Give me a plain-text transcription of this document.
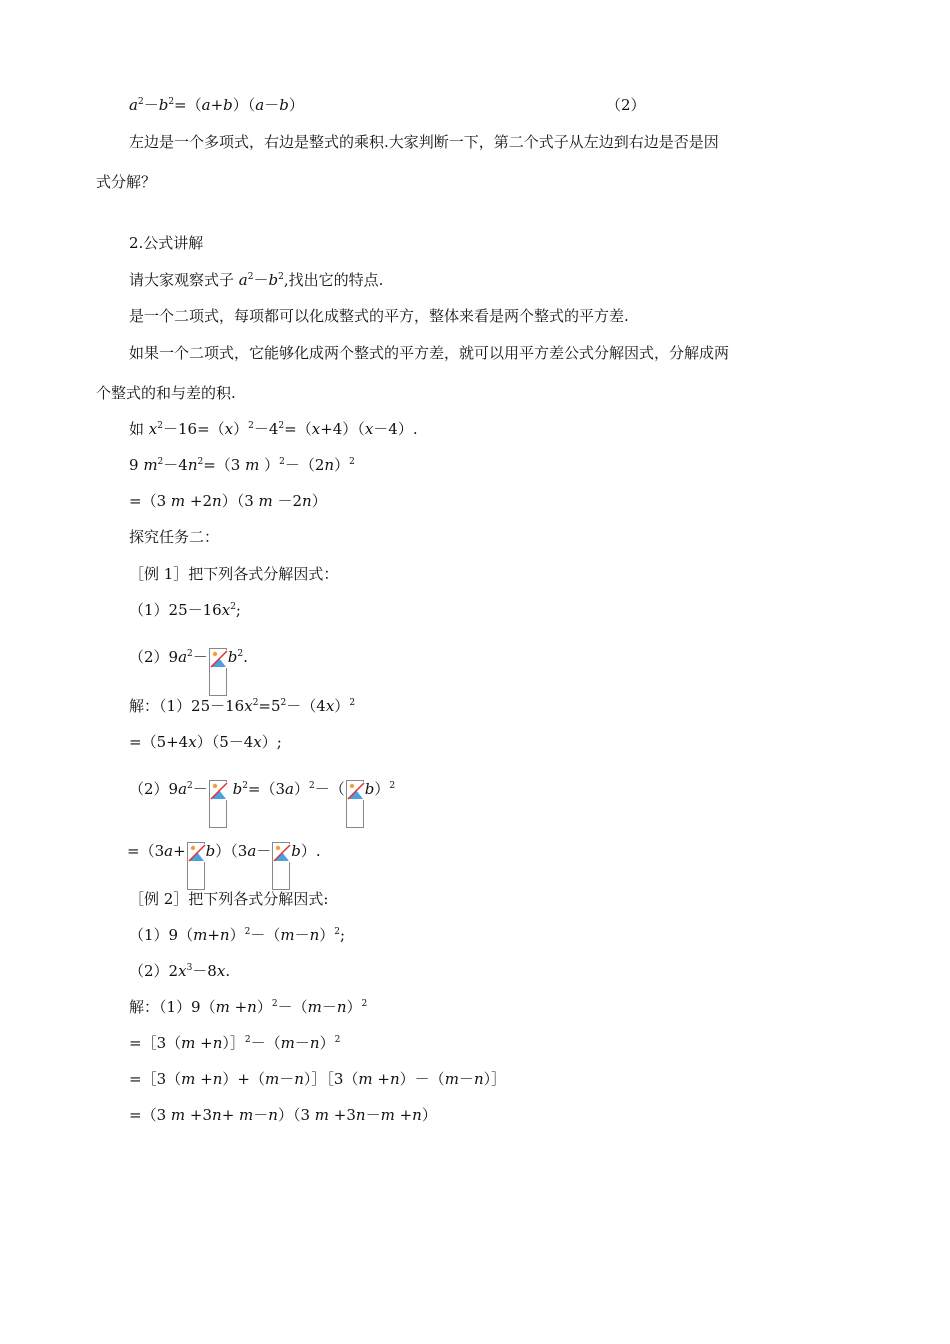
$a^2-b^2=(a+b)(a-b)$	（2）
左边是一个多项式，右边是整式的乘积.大家判断一下，第二个式子从左边到右边是否是因
式分解？
2.公式讲解
请大家观察式子 $a^2-b^2$,找出它的特点.
是一个二项式，每项都可以化成整式的平方，整体来看是两个整式的平方差.
如果一个二项式，它能够化成两个整式的平方差，就可以用平方差公式分解因式，分解成两
个整式的和与差的积.
如 $x^2-16=(x)^2-4^2=(x+4)(x-4)$.
9 $m^2-4n^2=(3$ m ）$^2-(2n)^2$
=（3 m +2n）（3 m －2n）
探究任务二：
［例 1］把下列各式分解因式：
$(1)25-16x^2$;
$(2)9a^2- b^2$.
解：$(1)25-16x^2=5^2-(4x)^2$
=（5+4x）（5－4x）;
$(2)9a^2- b^2=(3a)^2-$（ b）$^2$
=（3a+ b）（3a－ b）.
［例 2］把下列各式分解因式:
$(1)9(m+n)^2-(m-n)^2$;
$(2)2x^3-8x$.
解：$(1)9(m +n)^2-(m-n)^2$
=［3（m $+n)]^2-(m-n)^2$
=［3（m +n）+（m－n）］［3（m +n）－（m－n）］
=（3 m +3n+ m－n）（3 m +3n－m +n）
